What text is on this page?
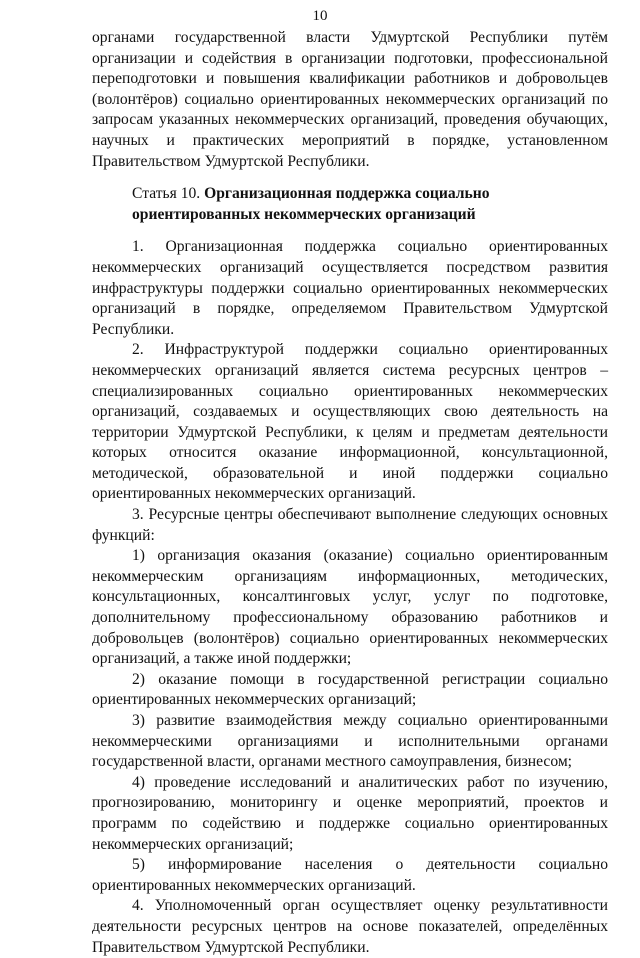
10

органами государственной власти Удмуртской Республики путём организации и содействия в организации подготовки, профессиональной переподготовки и повышения квалификации работников и добровольцев (волонтёров) социально ориентированных некоммерческих организаций по запросам указанных некоммерческих организаций, проведения обучающих, научных и практических мероприятий в порядке, установленном Правительством Удмуртской Республики.

Статья 10. Организационная поддержка социально ориентированных некоммерческих организаций

1. Организационная поддержка социально ориентированных некоммерческих организаций осуществляется посредством развития инфраструктуры поддержки социально ориентированных некоммерческих организаций в порядке, определяемом Правительством Удмуртской Республики.

2. Инфраструктурой поддержки социально ориентированных некоммерческих организаций является система ресурсных центров – специализированных социально ориентированных некоммерческих организаций, создаваемых и осуществляющих свою деятельность на территории Удмуртской Республики, к целям и предметам деятельности которых относится оказание информационной, консультационной, методической, образовательной и иной поддержки социально ориентированных некоммерческих организаций.

3. Ресурсные центры обеспечивают выполнение следующих основных функций:

1) организация оказания (оказание) социально ориентированным некоммерческим организациям информационных, методических, консультационных, консалтинговых услуг, услуг по подготовке, дополнительному профессиональному образованию работников и добровольцев (волонтёров) социально ориентированных некоммерческих организаций, а также иной поддержки;

2) оказание помощи в государственной регистрации социально ориентированных некоммерческих организаций;

3) развитие взаимодействия между социально ориентированными некоммерческими организациями и исполнительными органами государственной власти, органами местного самоуправления, бизнесом;

4) проведение исследований и аналитических работ по изучению, прогнозированию, мониторингу и оценке мероприятий, проектов и программ по содействию и поддержке социально ориентированных некоммерческих организаций;

5) информирование населения о деятельности социально ориентированных некоммерческих организаций.

4. Уполномоченный орган осуществляет оценку результативности деятельности ресурсных центров на основе показателей, определённых Правительством Удмуртской Республики.
